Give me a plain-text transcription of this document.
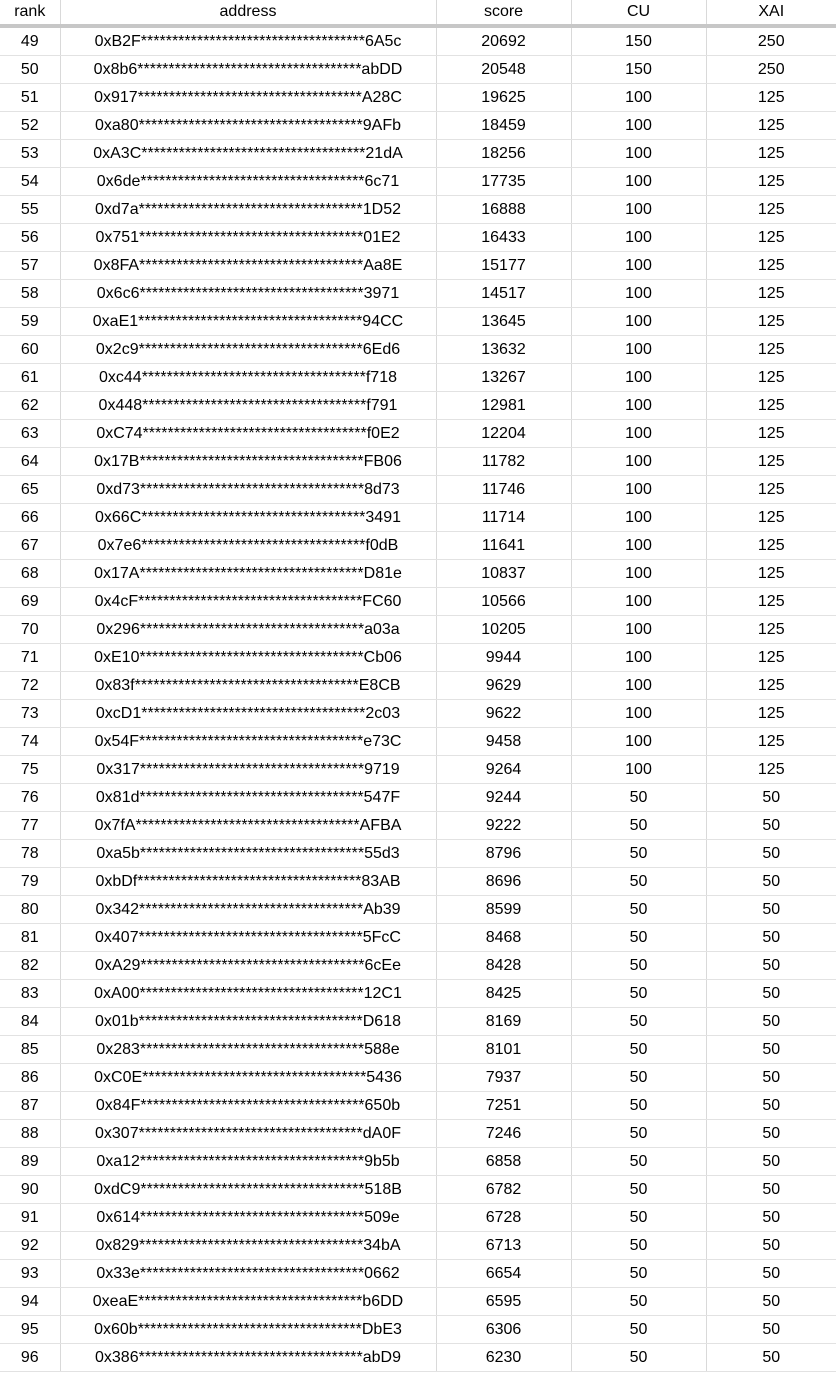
rank	address	score	CU	XAI
49	0xB2F************************************6A5c	20692	150	250
50	0x8b6************************************abDD	20548	150	250
51	0x917************************************A28C	19625	100	125
52	0xa80************************************9AFb	18459	100	125
53	0xA3C************************************21dA	18256	100	125
54	0x6de************************************6c71	17735	100	125
55	0xd7a************************************1D52	16888	100	125
56	0x751************************************01E2	16433	100	125
57	0x8FA************************************Aa8E	15177	100	125
58	0x6c6************************************3971	14517	100	125
59	0xaE1************************************94CC	13645	100	125
60	0x2c9************************************6Ed6	13632	100	125
61	0xc44************************************f718	13267	100	125
62	0x448************************************f791	12981	100	125
63	0xC74************************************f0E2	12204	100	125
64	0x17B************************************FB06	11782	100	125
65	0xd73************************************8d73	11746	100	125
66	0x66C************************************3491	11714	100	125
67	0x7e6************************************f0dB	11641	100	125
68	0x17A************************************D81e	10837	100	125
69	0x4cF************************************FC60	10566	100	125
70	0x296************************************a03a	10205	100	125
71	0xE10************************************Cb06	9944	100	125
72	0x83f************************************E8CB	9629	100	125
73	0xcD1************************************2c03	9622	100	125
74	0x54F************************************e73C	9458	100	125
75	0x317************************************9719	9264	100	125
76	0x81d************************************547F	9244	50	50
77	0x7fA************************************AFBA	9222	50	50
78	0xa5b************************************55d3	8796	50	50
79	0xbDf************************************83AB	8696	50	50
80	0x342************************************Ab39	8599	50	50
81	0x407************************************5FcC	8468	50	50
82	0xA29************************************6cEe	8428	50	50
83	0xA00************************************12C1	8425	50	50
84	0x01b************************************D618	8169	50	50
85	0x283************************************588e	8101	50	50
86	0xC0E************************************5436	7937	50	50
87	0x84F************************************650b	7251	50	50
88	0x307************************************dA0F	7246	50	50
89	0xa12************************************9b5b	6858	50	50
90	0xdC9************************************518B	6782	50	50
91	0x614************************************509e	6728	50	50
92	0x829************************************34bA	6713	50	50
93	0x33e************************************0662	6654	50	50
94	0xeaE************************************b6DD	6595	50	50
95	0x60b************************************DbE3	6306	50	50
96	0x386************************************abD9	6230	50	50
